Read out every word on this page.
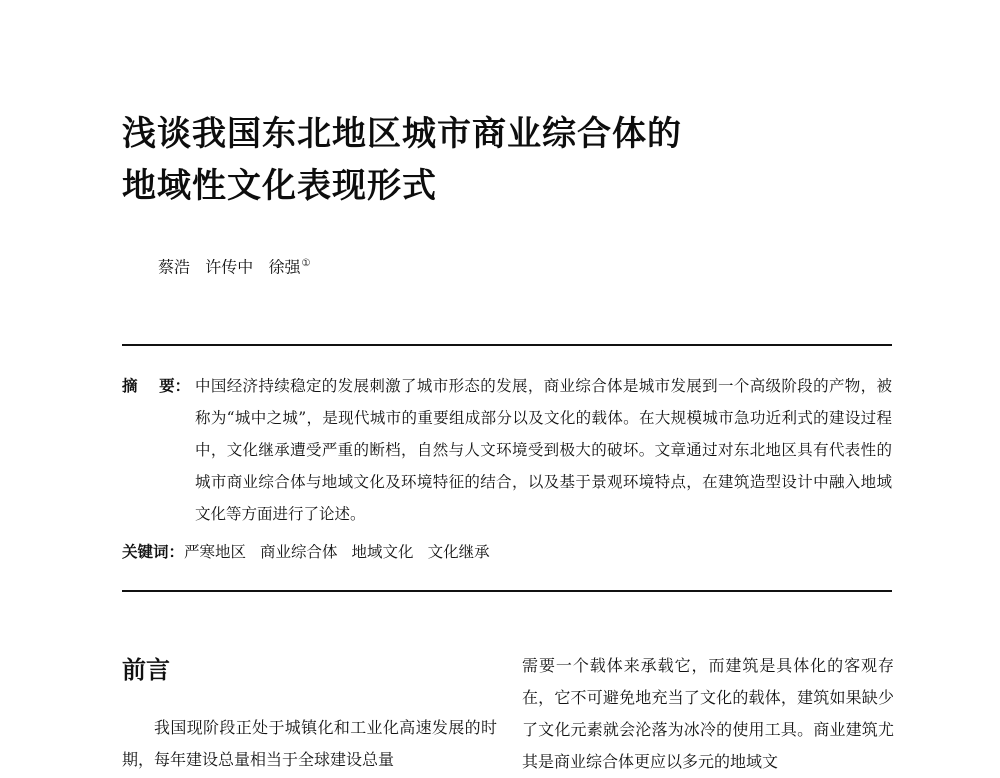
浅谈我国东北地区城市商业综合体的
地域性文化表现形式
蔡浩   许传中   徐强①
摘    要： 中国经济持续稳定的发展刺激了城市形态的发展，商业综合体是城市发展到一个高级阶段的产物，被称为“城中之城”，是现代城市的重要组成部分以及文化的载体。在大规模城市急功近利式的建设过程中，文化继承遭受严重的断档，自然与人文环境受到极大的破坏。文章通过对东北地区具有代表性的城市商业综合体与地域文化及环境特征的结合，以及基于景观环境特点，在建筑造型设计中融入地域文化等方面进行了论述。
关键词：严寒地区 商业综合体 地域文化 文化继承
前言
我国现阶段正处于城镇化和工业化高速发展的时期，每年建设总量相当于全球建设总量
需要一个载体来承载它，而建筑是具体化的客观存在，它不可避免地充当了文化的载体，建筑如果缺少了文化元素就会沦落为冰冷的使用工具。商业建筑尤其是商业综合体更应以多元的地域文
